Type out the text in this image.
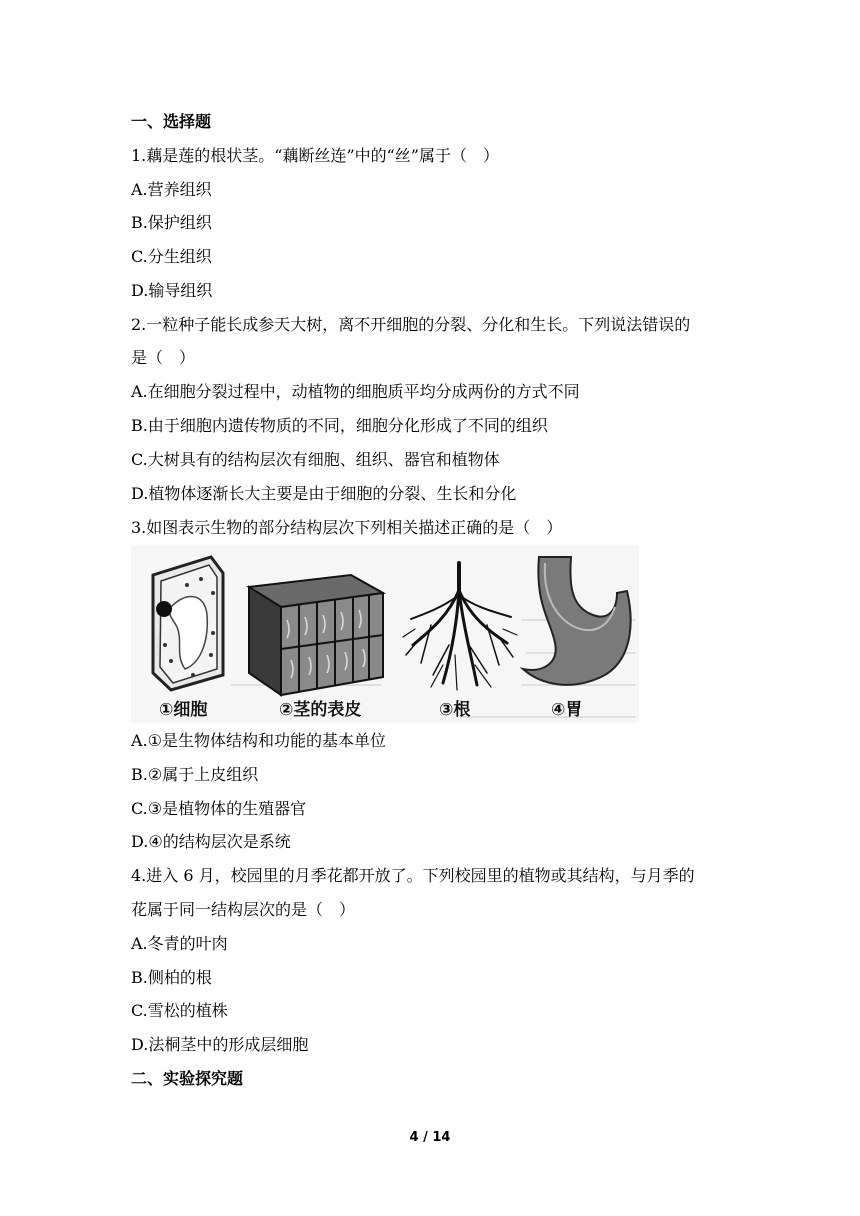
一、选择题
1.藕是莲的根状茎。“藕断丝连”中的“丝”属于（　）
A.营养组织
B.保护组织
C.分生组织
D.输导组织
2.一粒种子能长成参天大树，离不开细胞的分裂、分化和生长。下列说法错误的
是（　）
A.在细胞分裂过程中，动植物的细胞质平均分成两份的方式不同
B.由于细胞内遗传物质的不同，细胞分化形成了不同的组织
C.大树具有的结构层次有细胞、组织、器官和植物体
D.植物体逐渐长大主要是由于细胞的分裂、生长和分化
3.如图表示生物的部分结构层次下列相关描述正确的是（　）
①细胞	②茎的表皮	③根	④胃
A.①是生物体结构和功能的基本单位
B.②属于上皮组织
C.③是植物体的生殖器官
D.④的结构层次是系统
4.进入 6 月，校园里的月季花都开放了。下列校园里的植物或其结构，与月季的
花属于同一结构层次的是（　）
A.冬青的叶肉
B.侧柏的根
C.雪松的植株
D.法桐茎中的形成层细胞
二、实验探究题
4 / 14
